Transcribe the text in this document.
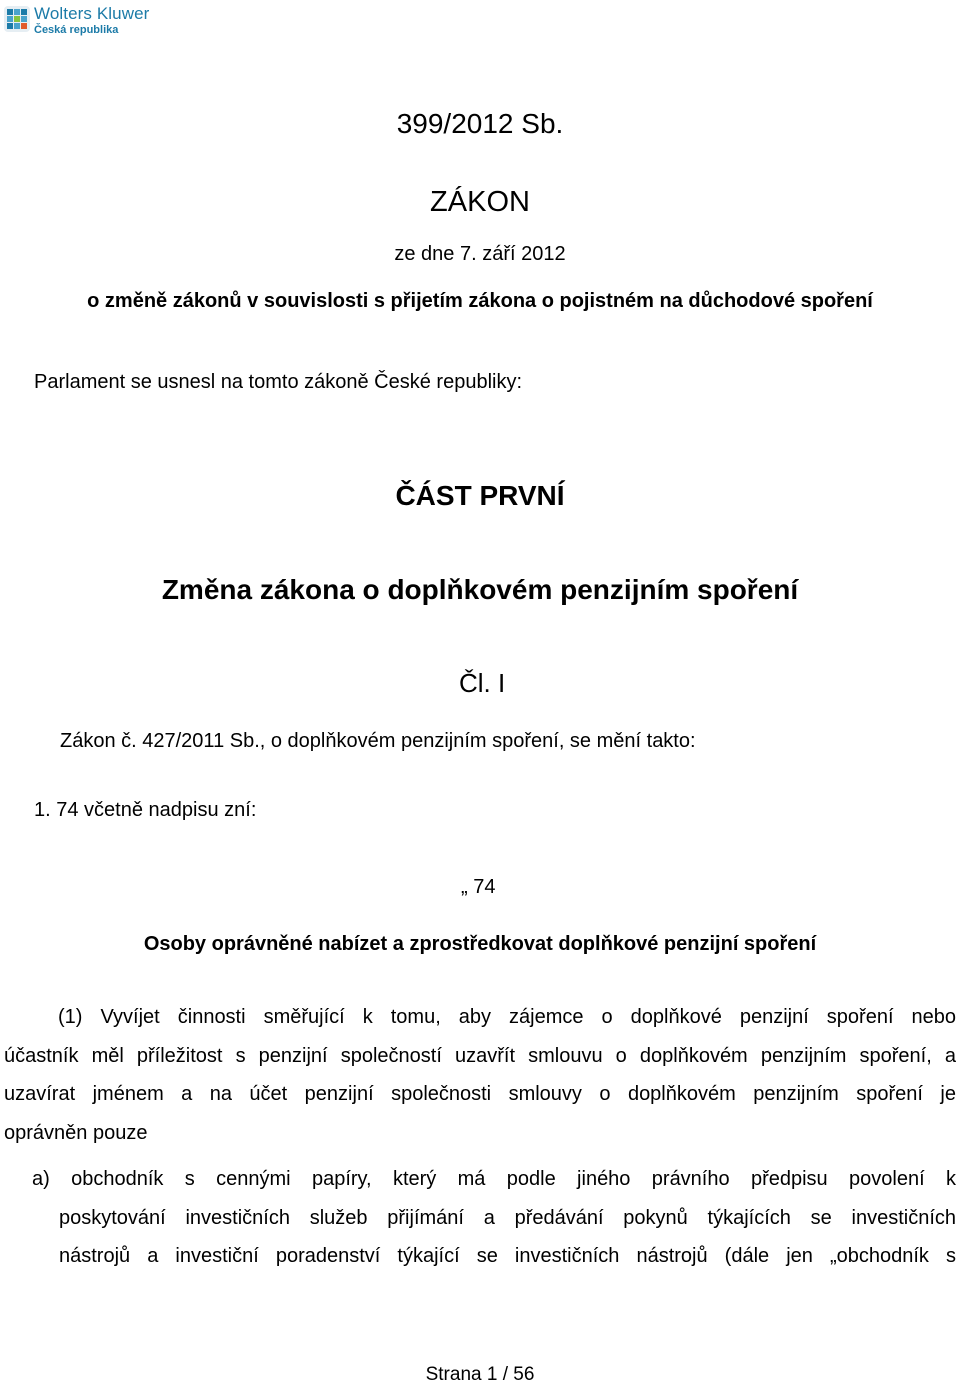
Wolters Kluwer
Česká republika
399/2012 Sb.
ZÁKON
ze dne 7. září 2012
o změně zákonů v souvislosti s přijetím zákona o pojistném na důchodové spoření
Parlament se usnesl na tomto zákoně České republiky:
ČÁST PRVNÍ
Změna zákona o doplňkovém penzijním spoření
Čl. I
Zákon č. 427/2011 Sb., o doplňkovém penzijním spoření, se mění takto:
1. 74 včetně nadpisu zní:
„ 74
Osoby oprávněné nabízet a zprostředkovat doplňkové penzijní spoření
(1) Vyvíjet činnosti směřující k tomu, aby zájemce o doplňkové penzijní spoření nebo
účastník měl příležitost s penzijní společností uzavřít smlouvu o doplňkovém penzijním spoření, a
uzavírat jménem a na účet penzijní společnosti smlouvy o doplňkovém penzijním spoření je
oprávněn pouze
a) obchodník s cennými papíry, který má podle jiného právního předpisu povolení k
poskytování investičních služeb přijímání a předávání pokynů týkajících se investičních
nástrojů a investiční poradenství týkající se investičních nástrojů (dále jen „obchodník s
Strana 1 / 56
